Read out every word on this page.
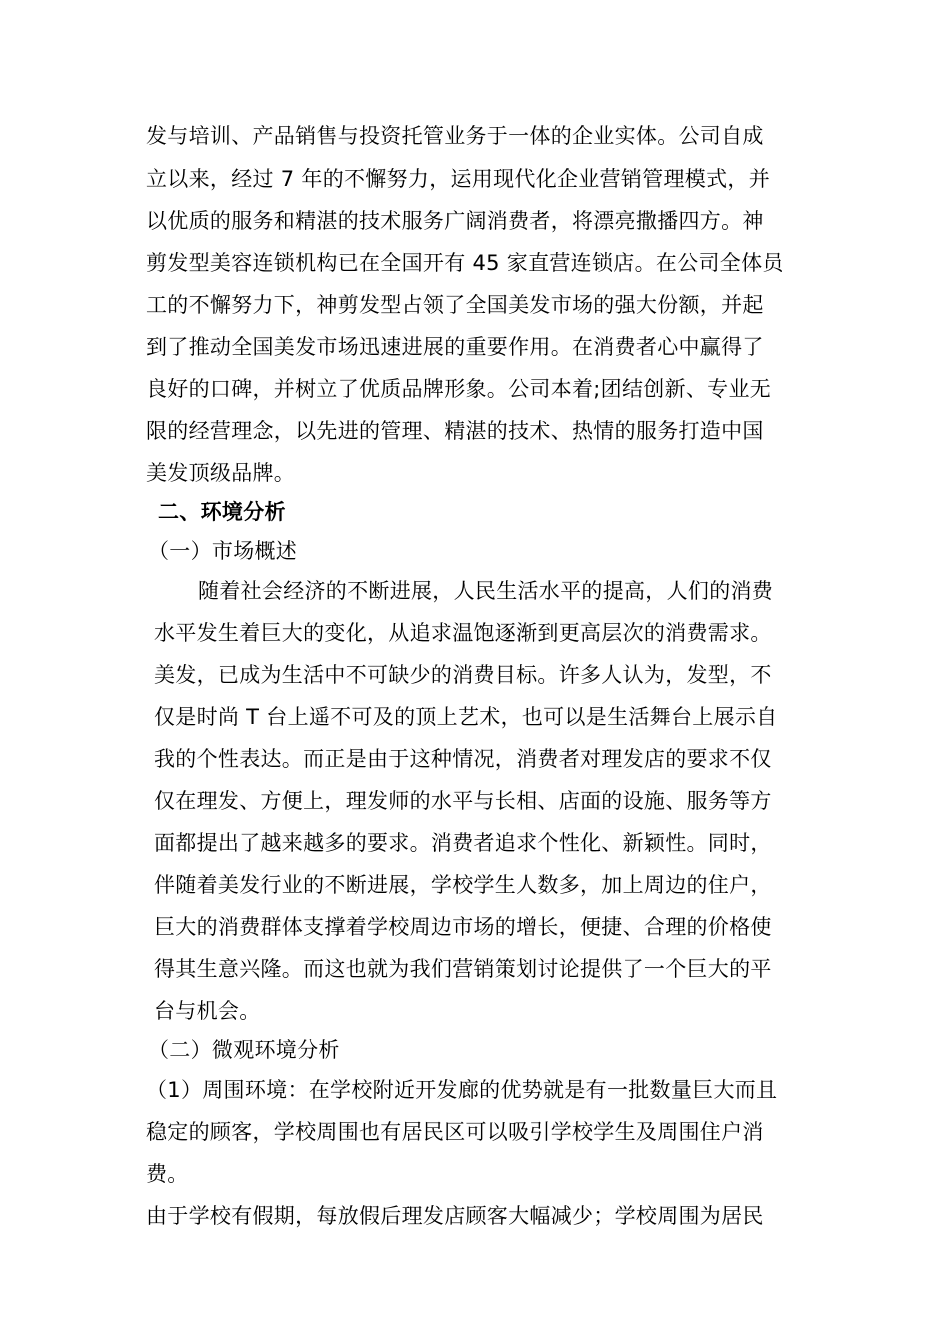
发与培训、产品销售与投资托管业务于一体的企业实体。公司自成
立以来，经过 7 年的不懈努力，运用现代化企业营销管理模式，并
以优质的服务和精湛的技术服务广阔消费者，将漂亮撒播四方。神
剪发型美容连锁机构已在全国开有 45 家直营连锁店。在公司全体员
工的不懈努力下，神剪发型占领了全国美发市场的强大份额，并起
到了推动全国美发市场迅速进展的重要作用。在消费者心中赢得了
良好的口碑，并树立了优质品牌形象。公司本着;团结创新、专业无
限的经营理念，以先进的管理、精湛的技术、热情的服务打造中国
美发顶级品牌。
二、环境分析
（一）市场概述
随着社会经济的不断进展，人民生活水平的提高，人们的消费
水平发生着巨大的变化，从追求温饱逐渐到更高层次的消费需求。
美发，已成为生活中不可缺少的消费目标。许多人认为，发型，不
仅是时尚 T 台上遥不可及的顶上艺术，也可以是生活舞台上展示自
我的个性表达。而正是由于这种情况，消费者对理发店的要求不仅
仅在理发、方便上，理发师的水平与长相、店面的设施、服务等方
面都提出了越来越多的要求。消费者追求个性化、新颖性。同时，
伴随着美发行业的不断进展，学校学生人数多，加上周边的住户，
巨大的消费群体支撑着学校周边市场的增长，便捷、合理的价格使
得其生意兴隆。而这也就为我们营销策划讨论提供了一个巨大的平
台与机会。
（二）微观环境分析
（1）周围环境：在学校附近开发廊的优势就是有一批数量巨大而且
稳定的顾客，学校周围也有居民区可以吸引学校学生及周围住户消
费。
由于学校有假期，每放假后理发店顾客大幅减少；学校周围为居民
